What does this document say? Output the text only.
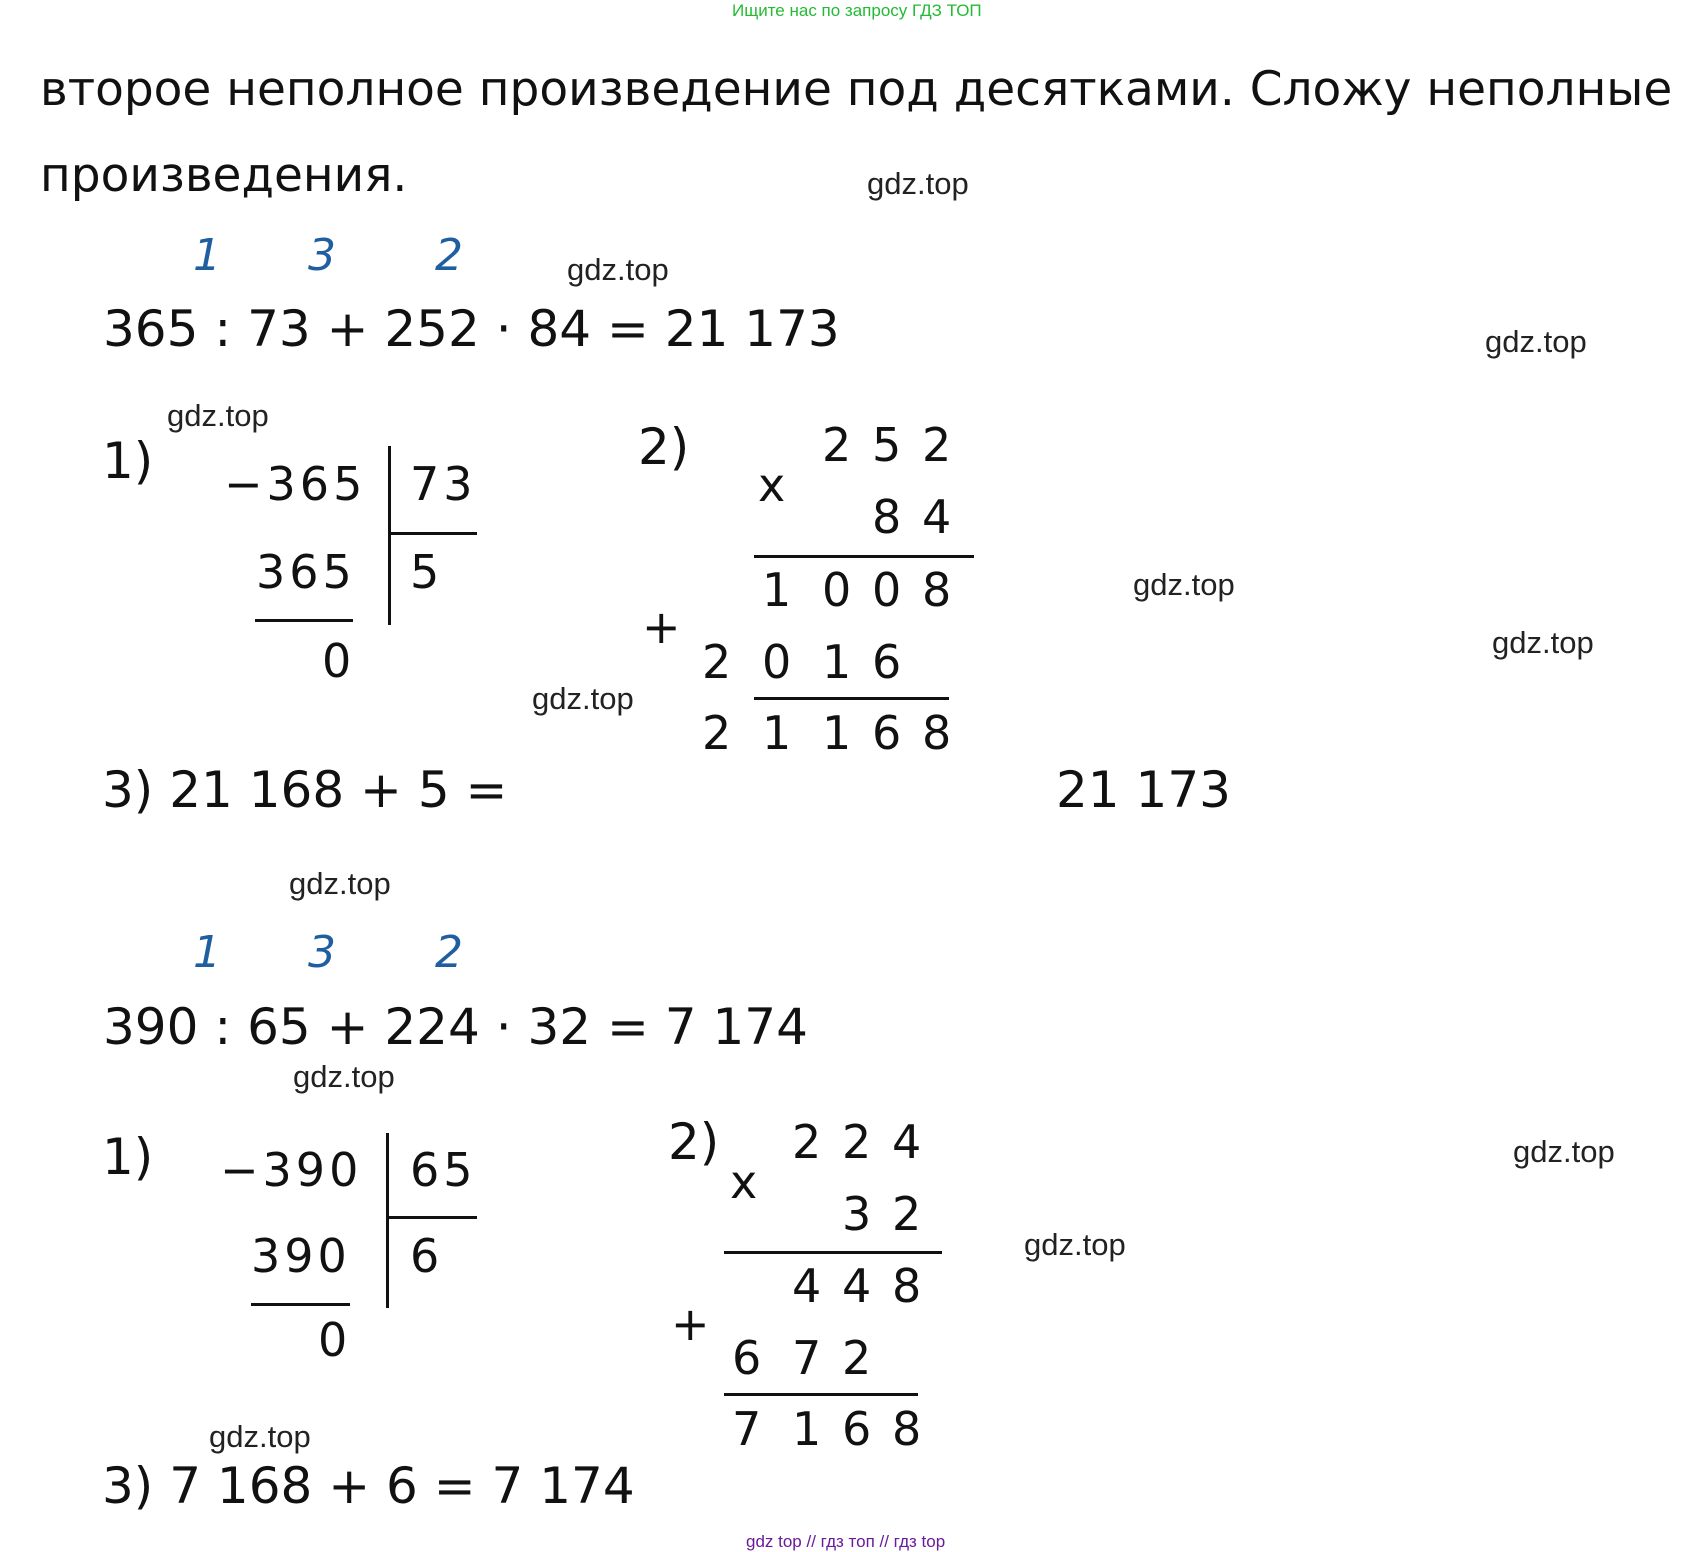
Ищите нас по запросу ГДЗ ТОП
второе неполное произведение под десятками. Сложу неполные
произведения.	gdz.top
gdz.top
gdz.top
gdz.top
gdz.top
gdz.top
gdz.top
gdz.top
gdz.top
gdz.top
gdz.top
gdz.top
1 3 2
365 : 73 + 252 · 84 = 21 173
1) −365 73
365 5
0
2)
x
+
2 5 2
8 4
1 0 0 8
2 0 1 6
2 1 1 6 8
3) 21 168 + 5 =	21 173
1 3 2
390 : 65 + 224 · 32 = 7 174
1) −390 65
390 6
0
2)
x
+
2 2 4
3 2
4 4 8
6 7 2
7 1 6 8
3) 7 168 + 6 = 7 174
gdz top // гдз топ // гдз top
